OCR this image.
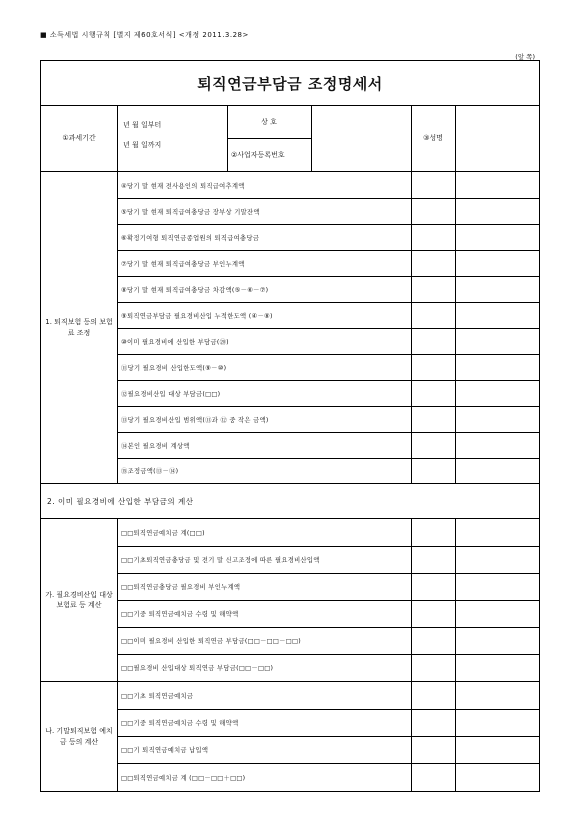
■ 소득세법 시행규칙 [별지 제60호서식] <개정 2011.3.28>
(앞 쪽)
퇴직연금부담금 조정명세서
①과세기간
년 월 일부터
년 월 일까지
상 호
②사업자등록번호
③성명
1. 퇴직보험 등의 보험료 조정
④당기 말 현재 전사용인의 퇴직급여추계액
⑤당기 말 현재 퇴직급여충당금 장부상 기말잔액
⑥확정기여형 퇴직연금종업원의 퇴직급여충당금
⑦당기 말 현재 퇴직급여충당금 부인누계액
⑧당기 말 현재 퇴직급여충당금 차감액(⑤－⑥－⑦)
⑨퇴직연금부담금 필요경비산입 누적한도액 (④－⑧)
⑩이미 필요경비에 산입한 부담금(⑳)
⑪당기 필요경비 산입한도액(⑨－⑩)
⑫필요경비산입 대상 부담금(□□)
⑬당기 필요경비산입 범위액(⑪과 ⑫ 중 작은 금액)
⑭본인 필요경비 계상액
⑮조정금액(⑬－⑭)
2. 이미 필요경비에 산입한 부담금의 계산
가. 필요경비산입 대상 보험료 등 계산
□□퇴직연금예치금 계(□□)
□□기초퇴직연금충당금 및 전기 말 신고조정에 따른 필요경비산입액
□□퇴직연금충당금 필요경비 부인누계액
□□기중 퇴직연금예치금 수령 및 해약액
□□이미 필요경비 산입한 퇴직연금 부담금(□□－□□－□□)
□□필요경비 산입대상 퇴직연금 부담금(□□－□□)
나. 기말퇴직보험 예치금 등의 계산
□□기초 퇴직연금예치금
□□기중 퇴직연금예치금 수령 및 해약액
□□기 퇴직연금예치금 납입액
□□퇴직연금예치금 계 (□□－□□＋□□)
